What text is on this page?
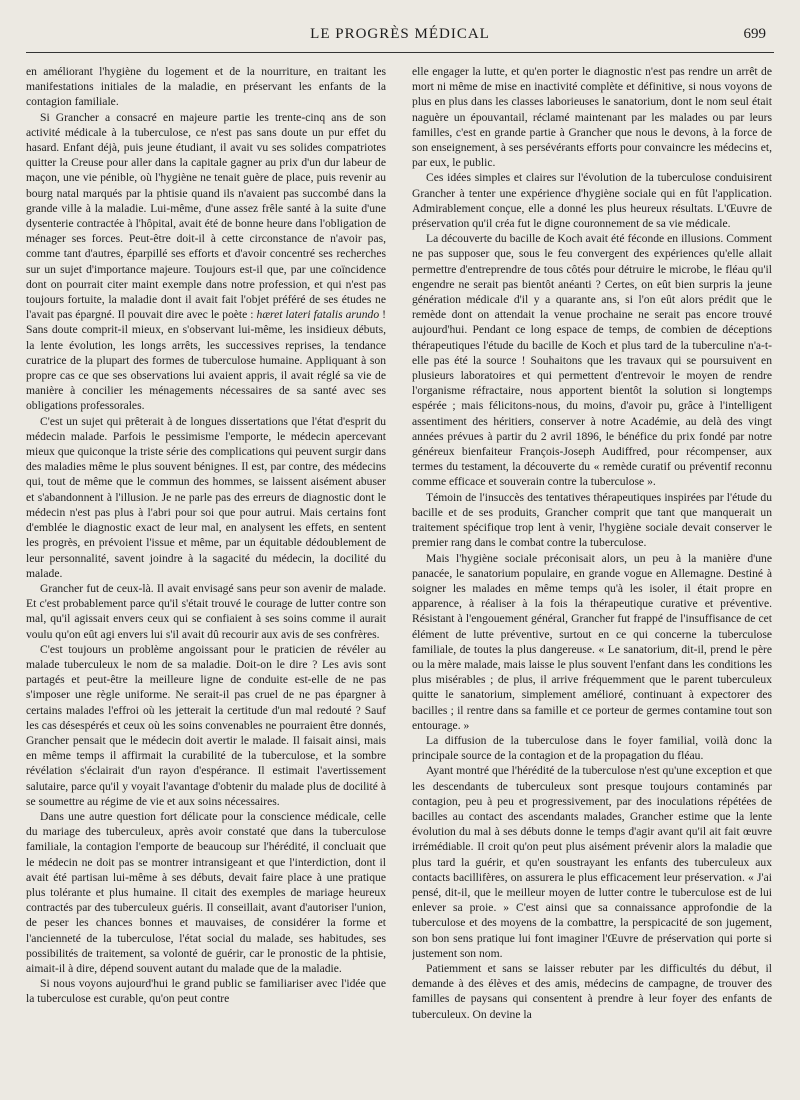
LE PROGRÈS MÉDICAL	699

en améliorant l'hygiène du logement et de la nourriture, en traitant les manifestations initiales de la maladie, en préservant les enfants de la contagion familiale.

Si Grancher a consacré en majeure partie les trente-cinq ans de son activité médicale à la tuberculose, ce n'est pas sans doute un pur effet du hasard. Enfant déjà, puis jeune étudiant, il avait vu ses solides compatriotes quitter la Creuse pour aller dans la capitale gagner au prix d'un dur labeur de maçon, une vie pénible, où l'hygiène ne tenait guère de place, puis revenir au bourg natal marqués par la phtisie quand ils n'avaient pas succombé dans la grande ville à la maladie. Lui-même, d'une assez frêle santé à la suite d'une dysenterie contractée à l'hôpital, avait été de bonne heure dans l'obligation de ménager ses forces. Peut-être doit-il à cette circonstance de n'avoir pas, comme tant d'autres, éparpillé ses efforts et d'avoir concentré ses recherches sur un sujet d'importance majeure. Toujours est-il que, par une coïncidence dont on pourrait citer maint exemple dans notre profession, et qui n'est pas toujours fortuite, la maladie dont il avait fait l'objet préféré de ses études ne l'avait pas épargné. Il pouvait dire avec le poète : hæret lateri fatalis arundo ! Sans doute comprit-il mieux, en s'observant lui-même, les insidieux débuts, la lente évolution, les longs arrêts, les successives reprises, la tendance curatrice de la plupart des formes de tuberculose humaine. Appliquant à son propre cas ce que ses observations lui avaient appris, il avait réglé sa vie de manière à concilier les ménagements nécessaires de sa santé avec ses obligations professorales.

C'est un sujet qui prêterait à de longues dissertations que l'état d'esprit du médecin malade. Parfois le pessimisme l'emporte, le médecin apercevant mieux que quiconque la triste série des complications qui peuvent surgir dans des maladies même le plus souvent bénignes. Il est, par contre, des médecins qui, tout de même que le commun des hommes, se laissent aisément abuser et s'abandonnent à l'illusion. Je ne parle pas des erreurs de diagnostic dont le médecin n'est pas plus à l'abri pour soi que pour autrui. Mais certains font d'emblée le diagnostic exact de leur mal, en analysent les effets, en sentent les progrès, en prévoient l'issue et même, par un équitable dédoublement de leur personnalité, savent joindre à la sagacité du médecin, la docilité du malade.

Grancher fut de ceux-là. Il avait envisagé sans peur son avenir de malade. Et c'est probablement parce qu'il s'était trouvé le courage de lutter contre son mal, qu'il agissait envers ceux qui se confiaient à ses soins comme il aurait voulu qu'on eût agi envers lui s'il avait dû recourir aux avis de ses confrères.

C'est toujours un problème angoissant pour le praticien de révéler au malade tuberculeux le nom de sa maladie. Doit-on le dire ? Les avis sont partagés et peut-être la meilleure ligne de conduite est-elle de ne pas s'imposer une règle uniforme. Ne serait-il pas cruel de ne pas épargner à certains malades l'effroi où les jetterait la certitude d'un mal redouté ? Sauf les cas désespérés et ceux où les soins convenables ne pourraient être donnés, Grancher pensait que le médecin doit avertir le malade. Il faisait ainsi, mais en même temps il affirmait la curabilité de la tuberculose, et la sombre révélation s'éclairait d'un rayon d'espérance. Il estimait l'avertissement salutaire, parce qu'il y voyait l'avantage d'obtenir du malade plus de docilité à se soumettre au régime de vie et aux soins nécessaires.

Dans une autre question fort délicate pour la conscience médicale, celle du mariage des tuberculeux, après avoir constaté que dans la tuberculose familiale, la contagion l'emporte de beaucoup sur l'hérédité, il concluait que le médecin ne doit pas se montrer intransigeant et que l'interdiction, dont il avait été partisan lui-même à ses débuts, devait faire place à une pratique plus tolérante et plus humaine. Il citait des exemples de mariage heureux contractés par des tuberculeux guéris. Il conseillait, avant d'autoriser l'union, de peser les chances bonnes et mauvaises, de considérer la forme et l'ancienneté de la tuberculose, l'état social du malade, ses habitudes, ses possibilités de traitement, sa volonté de guérir, car le pronostic de la phtisie, aimait-il à dire, dépend souvent autant du malade que de la maladie.

Si nous voyons aujourd'hui le grand public se familiariser avec l'idée que la tuberculose est curable, qu'on peut contre

elle engager la lutte, et qu'en porter le diagnostic n'est pas rendre un arrêt de mort ni même de mise en inactivité complète et définitive, si nous voyons de plus en plus dans les classes laborieuses le sanatorium, dont le nom seul était naguère un épouvantail, réclamé maintenant par les malades ou par leurs familles, c'est en grande partie à Grancher que nous le devons, à la force de son enseignement, à ses persévérants efforts pour convaincre les médecins et, par eux, le public.

Ces idées simples et claires sur l'évolution de la tuberculose conduisirent Grancher à tenter une expérience d'hygiène sociale qui en fût l'application. Admirablement conçue, elle a donné les plus heureux résultats. L'Œuvre de préservation qu'il créa fut le digne couronnement de sa vie médicale.

La découverte du bacille de Koch avait été féconde en illusions. Comment ne pas supposer que, sous le feu convergent des expériences qu'elle allait permettre d'entreprendre de tous côtés pour détruire le microbe, le fléau qu'il engendre ne serait pas bientôt anéanti ? Certes, on eût bien surpris la jeune génération médicale d'il y a quarante ans, si l'on eût alors prédit que le remède dont on attendait la venue prochaine ne serait pas encore trouvé aujourd'hui. Pendant ce long espace de temps, de combien de déceptions thérapeutiques l'étude du bacille de Koch et plus tard de la tuberculine n'a-t-elle pas été la source ! Souhaitons que les travaux qui se poursuivent en plusieurs laboratoires et qui permettent d'entrevoir le moyen de rendre l'organisme réfractaire, nous apportent bientôt la solution si longtemps espérée ; mais félicitons-nous, du moins, d'avoir pu, grâce à l'intelligent assentiment des héritiers, conserver à notre Académie, au delà des vingt années prévues à partir du 2 avril 1896, le bénéfice du prix fondé par notre généreux bienfaiteur François-Joseph Audiffred, pour récompenser, aux termes du testament, la découverte du « remède curatif ou préventif reconnu comme efficace et souverain contre la tuberculose ».

Témoin de l'insuccès des tentatives thérapeutiques inspirées par l'étude du bacille et de ses produits, Grancher comprit que tant que manquerait un traitement spécifique trop lent à venir, l'hygiène sociale devait conserver le premier rang dans le combat contre la tuberculose.

Mais l'hygiène sociale préconisait alors, un peu à la manière d'une panacée, le sanatorium populaire, en grande vogue en Allemagne. Destiné à soigner les malades en même temps qu'à les isoler, il était propre en apparence, à réaliser à la fois la thérapeutique curative et préventive. Résistant à l'engouement général, Grancher fut frappé de l'insuffisance de cet élément de lutte préventive, surtout en ce qui concerne la tuberculose familiale, de toutes la plus dangereuse. « Le sanatorium, dit-il, prend le père ou la mère malade, mais laisse le plus souvent l'enfant dans les conditions les plus misérables ; de plus, il arrive fréquemment que le parent tuberculeux quitte le sanatorium, simplement amélioré, continuant à expectorer des bacilles ; il rentre dans sa famille et ce porteur de germes contamine tout son entourage. »

La diffusion de la tuberculose dans le foyer familial, voilà donc la principale source de la contagion et de la propagation du fléau.

Ayant montré que l'hérédité de la tuberculose n'est qu'une exception et que les descendants de tuberculeux sont presque toujours contaminés par contagion, peu à peu et progressivement, par des inoculations répétées de bacilles au contact des ascendants malades, Grancher estime que la lente évolution du mal à ses débuts donne le temps d'agir avant qu'il ait fait œuvre irrémédiable. Il croit qu'on peut plus aisément prévenir alors la maladie que plus tard la guérir, et qu'en soustrayant les enfants des tuberculeux aux contacts bacillifères, on assurera le plus efficacement leur préservation. « J'ai pensé, dit-il, que le meilleur moyen de lutter contre le tuberculose est de lui enlever sa proie. » C'est ainsi que sa connaissance approfondie de la tuberculose et des moyens de la combattre, la perspicacité de son jugement, son bon sens pratique lui font imaginer l'Œuvre de préservation qui porte si justement son nom.

Patiemment et sans se laisser rebuter par les difficultés du début, il demande à des élèves et des amis, médecins de campagne, de trouver des familles de paysans qui consentent à prendre à leur foyer des enfants de tuberculeux. On devine la
